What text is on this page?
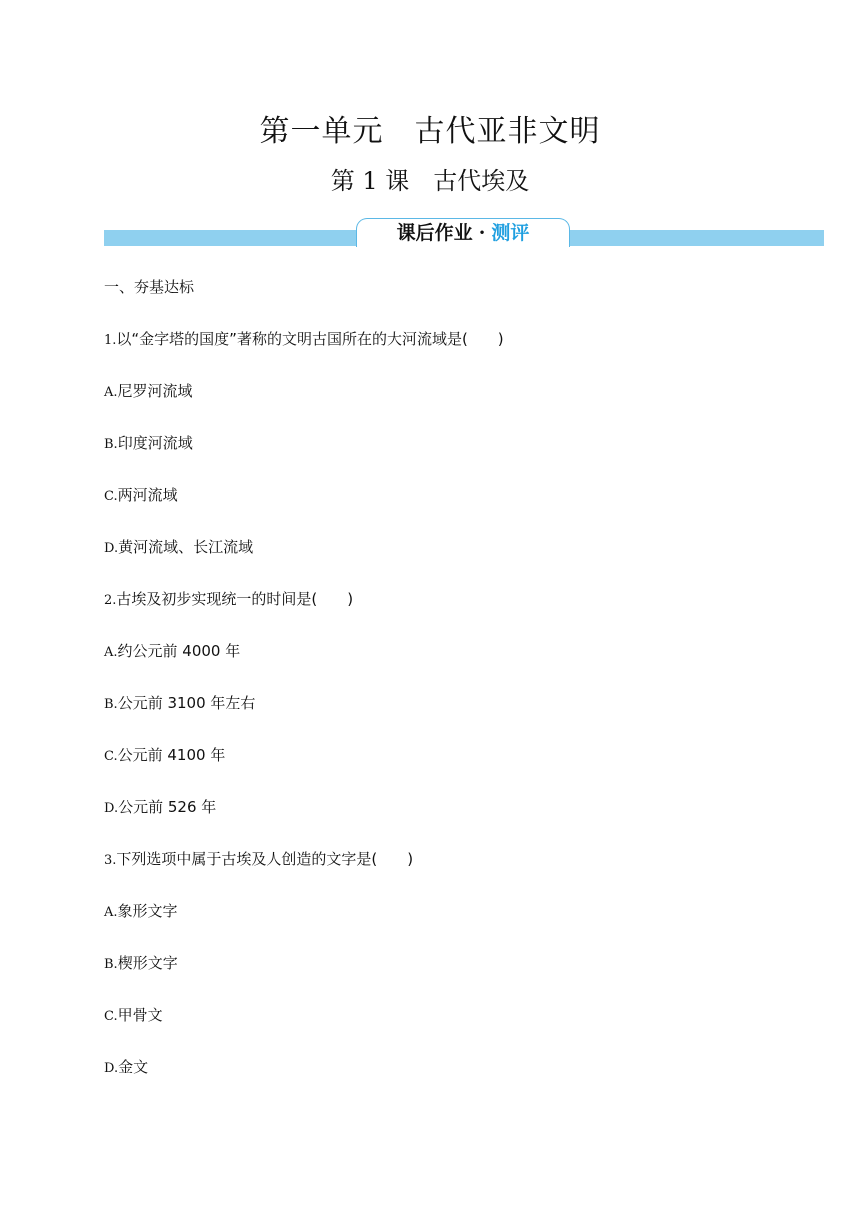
第一单元　古代亚非文明
第 1 课　古代埃及
课后作业 · 测评
一、夯基达标
1.以“金字塔的国度”著称的文明古国所在的大河流域是(　　)
A.尼罗河流域
B.印度河流域
C.两河流域
D.黄河流域、长江流域
2.古埃及初步实现统一的时间是(　　)
A.约公元前 4000 年
B.公元前 3100 年左右
C.公元前 4100 年
D.公元前 526 年
3.下列选项中属于古埃及人创造的文字是(　　)
A.象形文字
B.楔形文字
C.甲骨文
D.金文
